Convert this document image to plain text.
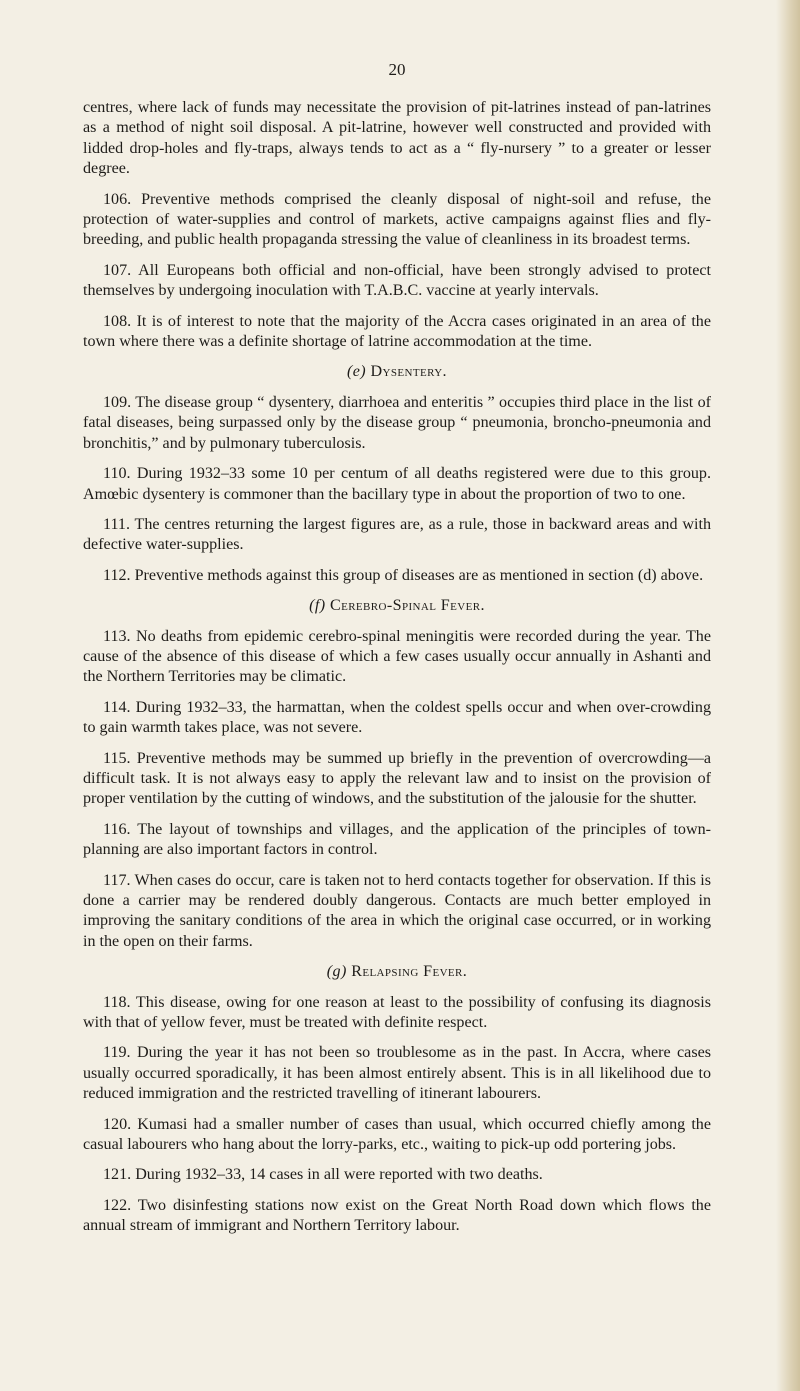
20

centres, where lack of funds may necessitate the provision of pit-latrines instead of pan-latrines as a method of night soil disposal. A pit-latrine, however well constructed and provided with lidded drop-holes and fly-traps, always tends to act as a “ fly-nursery ” to a greater or lesser degree.

106. Preventive methods comprised the cleanly disposal of night-soil and refuse, the protection of water-supplies and control of markets, active campaigns against flies and fly-breeding, and public health propaganda stressing the value of cleanliness in its broadest terms.

107. All Europeans both official and non-official, have been strongly advised to protect themselves by undergoing inoculation with T.A.B.C. vaccine at yearly intervals.

108. It is of interest to note that the majority of the Accra cases originated in an area of the town where there was a definite shortage of latrine accommodation at the time.

(e) Dysentery.

109. The disease group “ dysentery, diarrhoea and enteritis ” occupies third place in the list of fatal diseases, being surpassed only by the disease group “ pneumonia, broncho-pneumonia and bronchitis,” and by pulmonary tuberculosis.

110. During 1932–33 some 10 per centum of all deaths registered were due to this group. Amœbic dysentery is commoner than the bacillary type in about the proportion of two to one.

111. The centres returning the largest figures are, as a rule, those in backward areas and with defective water-supplies.

112. Preventive methods against this group of diseases are as mentioned in section (d) above.

(f) Cerebro-Spinal Fever.

113. No deaths from epidemic cerebro-spinal meningitis were recorded during the year. The cause of the absence of this disease of which a few cases usually occur annually in Ashanti and the Northern Territories may be climatic.

114. During 1932–33, the harmattan, when the coldest spells occur and when over-crowding to gain warmth takes place, was not severe.

115. Preventive methods may be summed up briefly in the prevention of overcrowding—a difficult task. It is not always easy to apply the relevant law and to insist on the provision of proper ventilation by the cutting of windows, and the substitution of the jalousie for the shutter.

116. The layout of townships and villages, and the application of the principles of town-planning are also important factors in control.

117. When cases do occur, care is taken not to herd contacts together for observation. If this is done a carrier may be rendered doubly dangerous. Contacts are much better employed in improving the sanitary conditions of the area in which the original case occurred, or in working in the open on their farms.

(g) Relapsing Fever.

118. This disease, owing for one reason at least to the possibility of confusing its diagnosis with that of yellow fever, must be treated with definite respect.

119. During the year it has not been so troublesome as in the past. In Accra, where cases usually occurred sporadically, it has been almost entirely absent. This is in all likelihood due to reduced immigration and the restricted travelling of itinerant labourers.

120. Kumasi had a smaller number of cases than usual, which occurred chiefly among the casual labourers who hang about the lorry-parks, etc., waiting to pick-up odd portering jobs.

121. During 1932–33, 14 cases in all were reported with two deaths.

122. Two disinfesting stations now exist on the Great North Road down which flows the annual stream of immigrant and Northern Territory labour.
